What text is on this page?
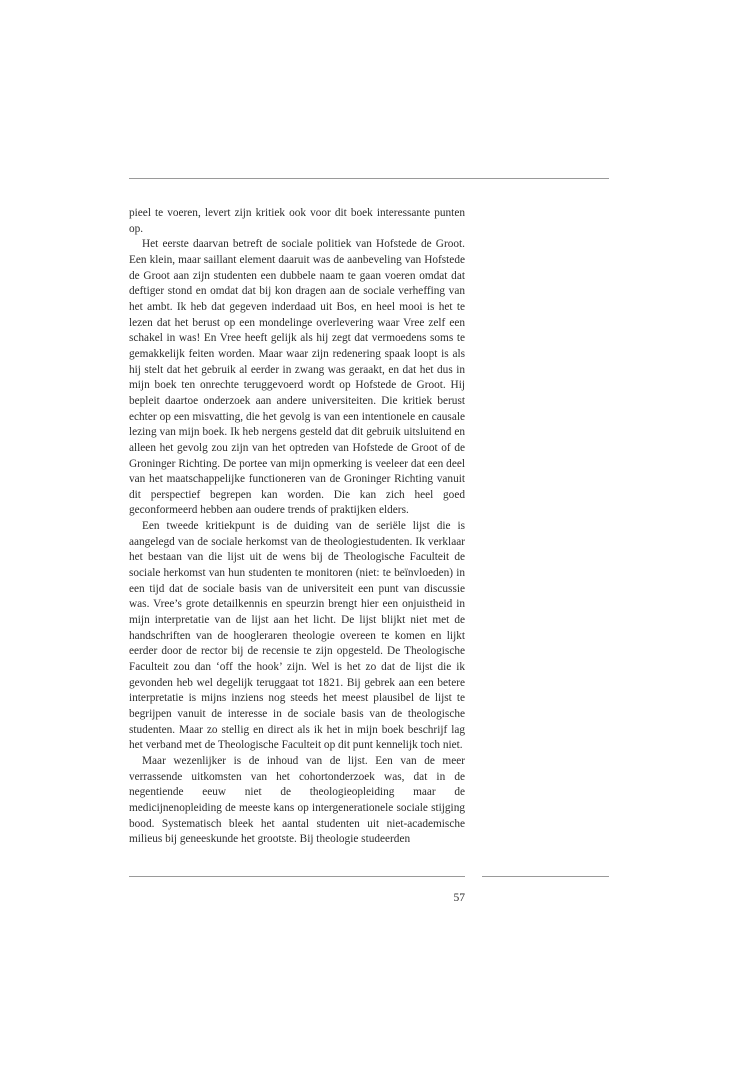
pieel te voeren, levert zijn kritiek ook voor dit boek interessante punten op.

Het eerste daarvan betreft de sociale politiek van Hofstede de Groot. Een klein, maar saillant element daaruit was de aanbeveling van Hofstede de Groot aan zijn studenten een dubbele naam te gaan voeren omdat dat deftiger stond en omdat dat bij kon dragen aan de sociale verheffing van het ambt. Ik heb dat gegeven inderdaad uit Bos, en heel mooi is het te lezen dat het berust op een mondelinge overlevering waar Vree zelf een schakel in was! En Vree heeft gelijk als hij zegt dat vermoedens soms te gemakkelijk feiten worden. Maar waar zijn redenering spaak loopt is als hij stelt dat het gebruik al eerder in zwang was geraakt, en dat het dus in mijn boek ten onrechte teruggevoerd wordt op Hofstede de Groot. Hij bepleit daartoe onderzoek aan andere universiteiten. Die kritiek berust echter op een misvatting, die het gevolg is van een intentionele en causale lezing van mijn boek. Ik heb nergens gesteld dat dit gebruik uitsluitend en alleen het gevolg zou zijn van het optreden van Hofstede de Groot of de Groninger Richting. De portee van mijn opmerking is veeleer dat een deel van het maatschappelijke functioneren van de Groninger Richting vanuit dit perspectief begrepen kan worden. Die kan zich heel goed geconformeerd hebben aan oudere trends of praktijken elders.

Een tweede kritiekpunt is de duiding van de seriële lijst die is aangelegd van de sociale herkomst van de theologiestudenten. Ik verklaar het bestaan van die lijst uit de wens bij de Theologische Faculteit de sociale herkomst van hun studenten te monitoren (niet: te beïnvloeden) in een tijd dat de sociale basis van de universiteit een punt van discussie was. Vree’s grote detailkennis en speurzin brengt hier een onjuistheid in mijn interpretatie van de lijst aan het licht. De lijst blijkt niet met de handschriften van de hoogleraren theologie overeen te komen en lijkt eerder door de rector bij de recensie te zijn opgesteld. De Theologische Faculteit zou dan ‘off the hook’ zijn. Wel is het zo dat de lijst die ik gevonden heb wel degelijk teruggaat tot 1821. Bij gebrek aan een betere interpretatie is mijns inziens nog steeds het meest plausibel de lijst te begrijpen vanuit de interesse in de sociale basis van de theologische studenten. Maar zo stellig en direct als ik het in mijn boek beschrijf lag het verband met de Theologische Faculteit op dit punt kennelijk toch niet.

Maar wezenlijker is de inhoud van de lijst. Een van de meer verrassende uitkomsten van het cohortonderzoek was, dat in de negentiende eeuw niet de theologieopleiding maar de medicijnenopleiding de meeste kans op intergenerationele sociale stijging bood. Systematisch bleek het aantal studenten uit niet-academische milieus bij geneeskunde het grootste. Bij theologie studeerden

57
